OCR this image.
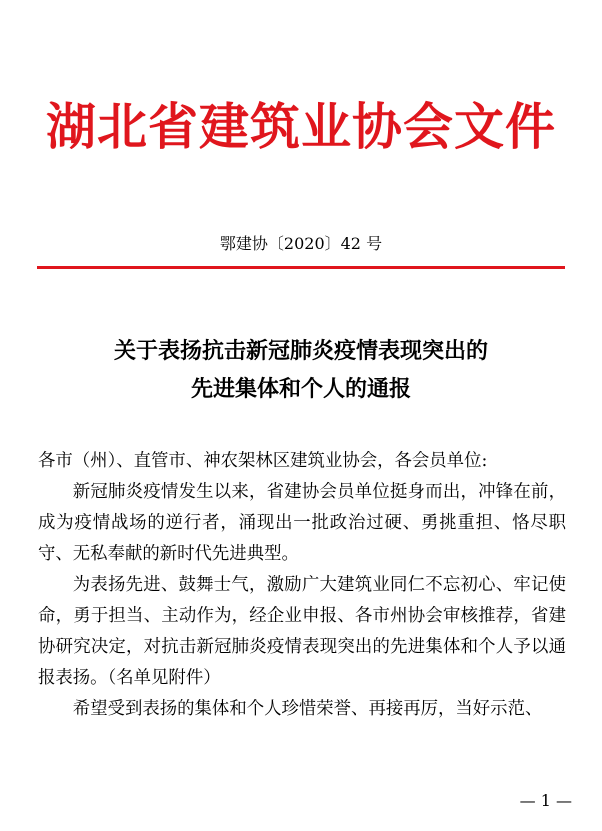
湖北省建筑业协会文件
鄂建协〔2020〕42 号
关于表扬抗击新冠肺炎疫情表现突出的
先进集体和个人的通报
各市（州）、直管市、神农架林区建筑业协会，各会员单位:
新冠肺炎疫情发生以来，省建协会员单位挺身而出，冲锋在前，成为疫情战场的逆行者，涌现出一批政治过硬、勇挑重担、恪尽职守、无私奉献的新时代先进典型。
为表扬先进、鼓舞士气，激励广大建筑业同仁不忘初心、牢记使命，勇于担当、主动作为，经企业申报、各市州协会审核推荐，省建协研究决定，对抗击新冠肺炎疫情表现突出的先进集体和个人予以通报表扬。（名单见附件）
希望受到表扬的集体和个人珍惜荣誉、再接再厉，当好示范、
— 1 —
